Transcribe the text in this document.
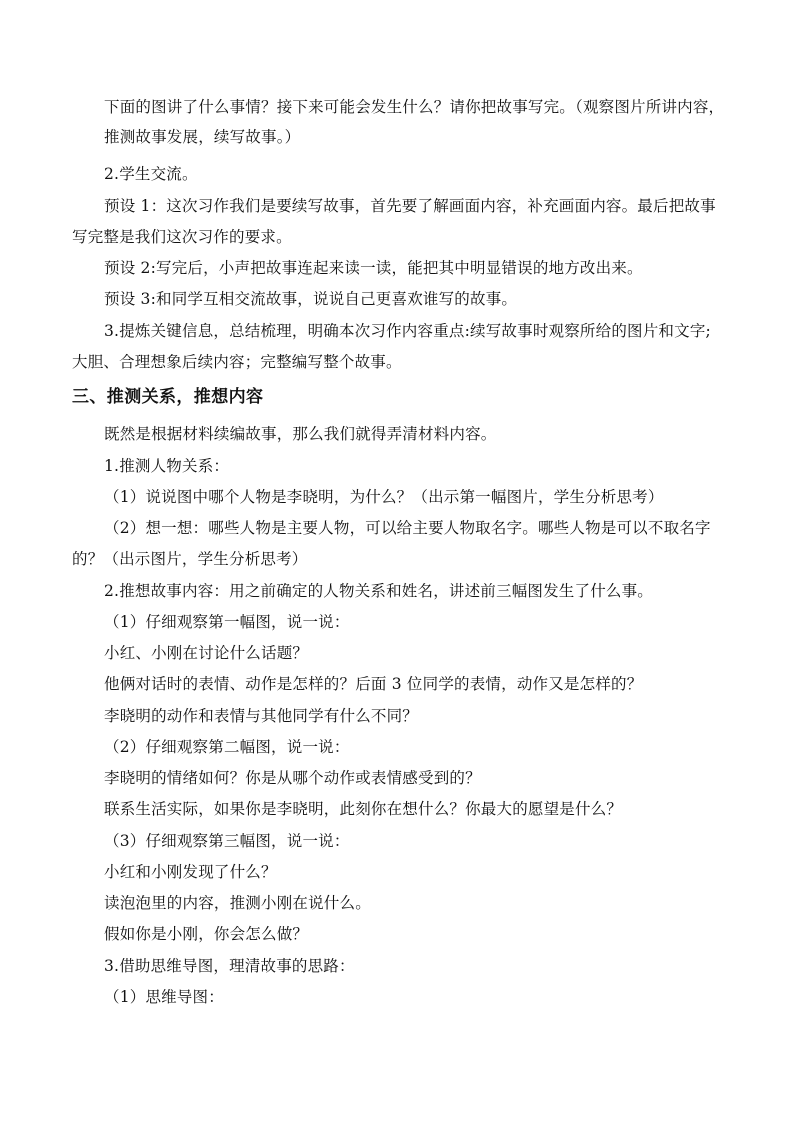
下面的图讲了什么事情？接下来可能会发生什么？请你把故事写完。（观察图片所讲内容，
推测故事发展，续写故事。）
2.学生交流。
预设 1：这次习作我们是要续写故事，首先要了解画面内容，补充画面内容。最后把故事
写完整是我们这次习作的要求。
预设 2:写完后，小声把故事连起来读一读，能把其中明显错误的地方改出来。
预设 3:和同学互相交流故事，说说自己更喜欢谁写的故事。
3.提炼关键信息，总结梳理，明确本次习作内容重点:续写故事时观察所给的图片和文字;
大胆、合理想象后续内容；完整编写整个故事。
三、推测关系，推想内容
既然是根据材料续编故事，那么我们就得弄清材料内容。
1.推测人物关系：
（1）说说图中哪个人物是李晓明，为什么？（出示第一幅图片，学生分析思考）
（2）想一想：哪些人物是主要人物，可以给主要人物取名字。哪些人物是可以不取名字
的？（出示图片，学生分析思考）
2.推想故事内容：用之前确定的人物关系和姓名，讲述前三幅图发生了什么事。
（1）仔细观察第一幅图，说一说：
小红、小刚在讨论什么话题？
他俩对话时的表情、动作是怎样的？后面 3 位同学的表情，动作又是怎样的？
李晓明的动作和表情与其他同学有什么不同？
（2）仔细观察第二幅图，说一说：
李晓明的情绪如何？你是从哪个动作或表情感受到的？
联系生活实际，如果你是李晓明，此刻你在想什么？你最大的愿望是什么？
（3）仔细观察第三幅图，说一说：
小红和小刚发现了什么？
读泡泡里的内容，推测小刚在说什么。
假如你是小刚，你会怎么做？
3.借助思维导图，理清故事的思路：
（1）思维导图：
